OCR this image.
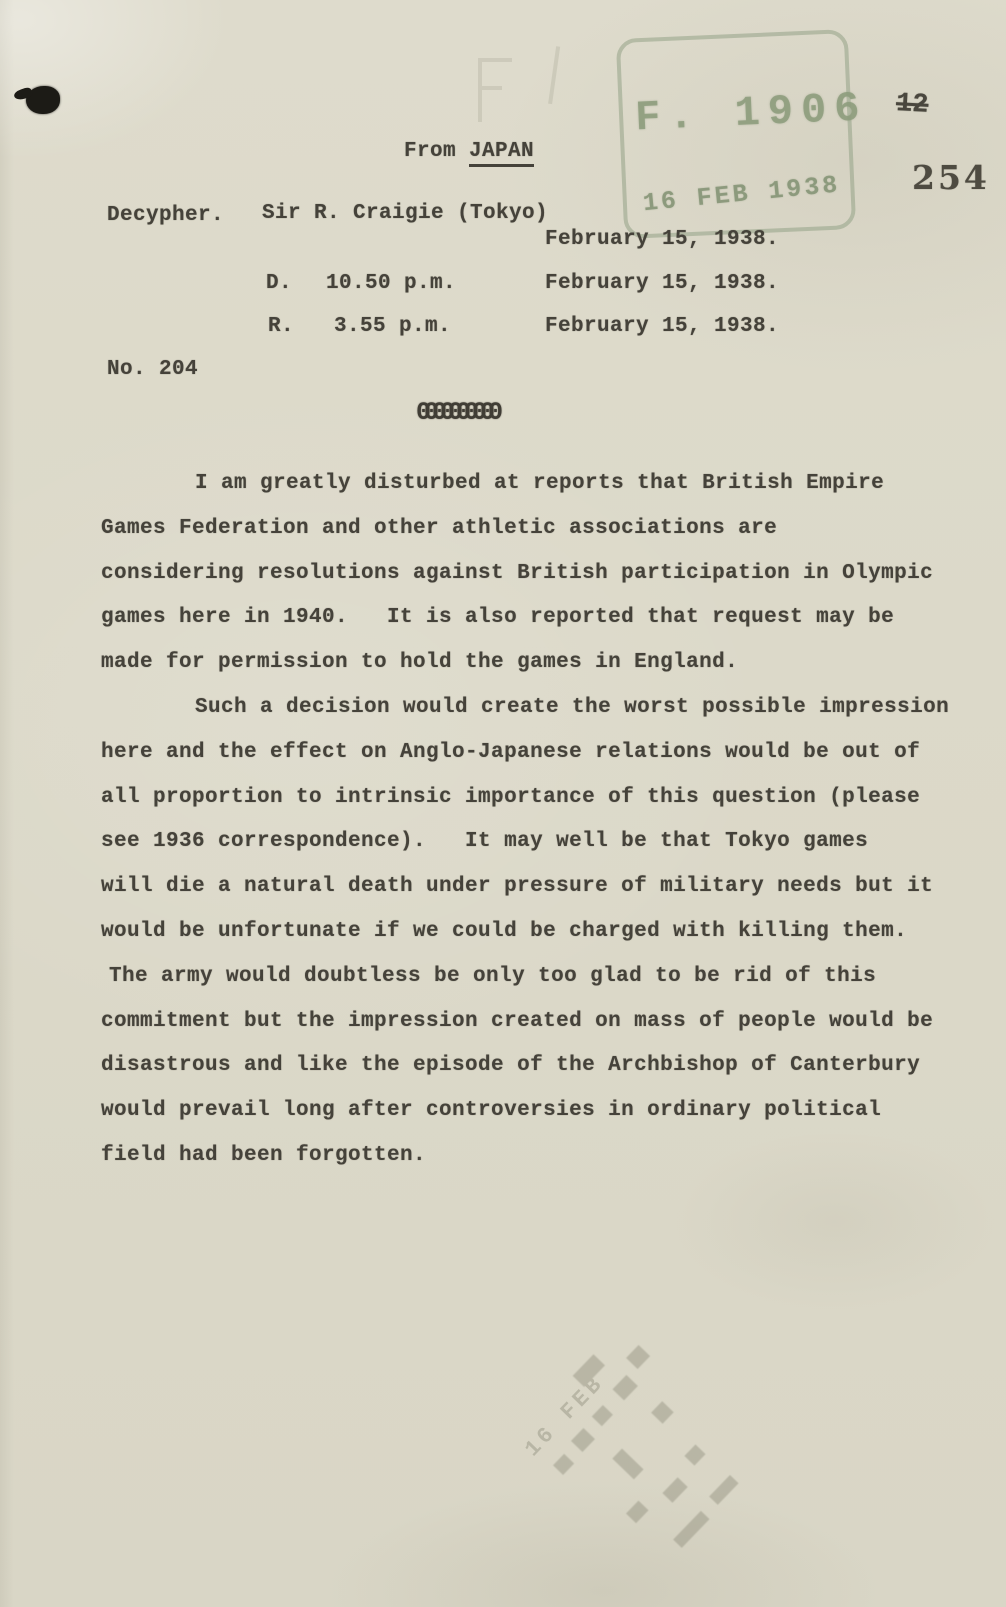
From JAPAN
F. 1906
16 FEB 1938
12
254
Decypher. Sir R. Craigie (Tokyo)
February 15, 1938.
D. 10.50 p.m.	February 15, 1938.
R. 3.55 p.m.	February 15, 1938.
No. 204
0000000000
I am greatly disturbed at reports that British Empire
Games Federation and other athletic associations are
considering resolutions against British participation in Olympic
games here in 1940.   It is also reported that request may be
made for permission to hold the games in England.
Such a decision would create the worst possible impression
here and the effect on Anglo-Japanese relations would be out of
all proportion to intrinsic importance of this question (please
see 1936 correspondence).   It may well be that Tokyo games
will die a natural death under pressure of military needs but it
would be unfortunate if we could be charged with killing them.
The army would doubtless be only too glad to be rid of this
commitment but the impression created on mass of people would be
disastrous and like the episode of the Archbishop of Canterbury
would prevail long after controversies in ordinary political
field had been forgotten.
16 FEB
